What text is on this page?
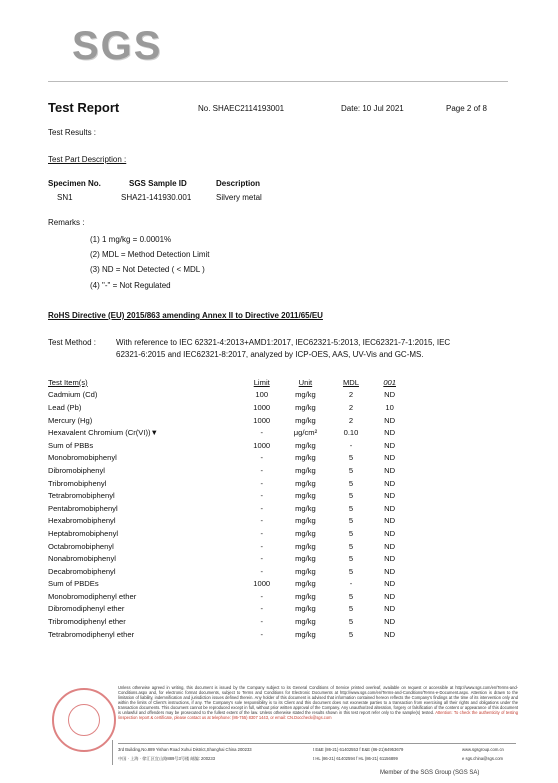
SGS
Test Report	No. SHAEC2114193001	Date: 10 Jul 2021	Page 2 of 8
Test Results :
Test Part Description :
Specimen No.	SGS Sample ID	Description
SN1	SHA21-141930.001	Silvery metal
Remarks :
(1) 1 mg/kg = 0.0001%
(2) MDL = Method Detection Limit
(3) ND = Not Detected ( < MDL )
(4) "-" = Not Regulated
RoHS Directive (EU) 2015/863 amending Annex II to Directive 2011/65/EU
Test Method : With reference to IEC 62321-4:2013+AMD1:2017, IEC62321-5:2013, IEC62321-7-1:2015, IEC
62321-6:2015 and IEC62321-8:2017, analyzed by ICP-OES, AAS, UV-Vis and GC-MS.
Test Item(s)	Limit	Unit	MDL	001
Cadmium (Cd)	100	mg/kg	2	ND
Lead (Pb)	1000	mg/kg	2	10
Mercury (Hg)	1000	mg/kg	2	ND
Hexavalent Chromium (Cr(VI))▼	-	μg/cm²	0.10	ND
Sum of PBBs	1000	mg/kg	-	ND
Monobromobiphenyl	-	mg/kg	5	ND
Dibromobiphenyl	-	mg/kg	5	ND
Tribromobiphenyl	-	mg/kg	5	ND
Tetrabromobiphenyl	-	mg/kg	5	ND
Pentabromobiphenyl	-	mg/kg	5	ND
Hexabromobiphenyl	-	mg/kg	5	ND
Heptabromobiphenyl	-	mg/kg	5	ND
Octabromobiphenyl	-	mg/kg	5	ND
Nonabromobiphenyl	-	mg/kg	5	ND
Decabromobiphenyl	-	mg/kg	5	ND
Sum of PBDEs	1000	mg/kg	-	ND
Monobromodiphenyl ether	-	mg/kg	5	ND
Dibromodiphenyl ether	-	mg/kg	5	ND
Tribromodiphenyl ether	-	mg/kg	5	ND
Tetrabromodiphenyl ether	-	mg/kg	5	ND
Unless otherwise agreed in writing, this document is issued by the Company subject to its General Conditions of Service printed overleaf, available on request or accessible at http://www.sgs.com/en/Terms-and-Conditions.aspx and, for electronic format documents, subject to Terms and Conditions for Electronic Documents at http://www.sgs.com/en/Terms-and-Conditions/Terms-e-Document.aspx. Attention is drawn to the limitation of liability, indemnification and jurisdiction issues defined therein. Any holder of this document is advised that information contained hereon reflects the Company's findings at the time of its intervention only and within the limits of Client's instructions, if any. The Company's sole responsibility is to its Client and this document does not exonerate parties to a transaction from exercising all their rights and obligations under the transaction documents. This document cannot be reproduced except in full, without prior written approval of the Company. Any unauthorized alteration, forgery or falsification of the content or appearance of this document is unlawful and offenders may be prosecuted to the fullest extent of the law. Unless otherwise stated the results shown in this test report refer only to the sample(s) tested. Attention: To check the authenticity of testing /inspection report & certificate, please contact us at telephone: (86-755) 8307 1443, or email: CN.Doccheck@sgs.com
3rd Building,No.889 Yishan Road Xuhui District,Shanghai China 200233
中国 · 上海 · 徐汇区宜山路889号3号楼 邮编: 200233
t E&E (86-21) 61402553 f E&E (86-21)64953679
t HL (86-21) 61402594 f HL (86-21) 61156899
www.sgsgroup.com.cn
e sgs.china@sgs.com
Member of the SGS Group (SGS SA)
